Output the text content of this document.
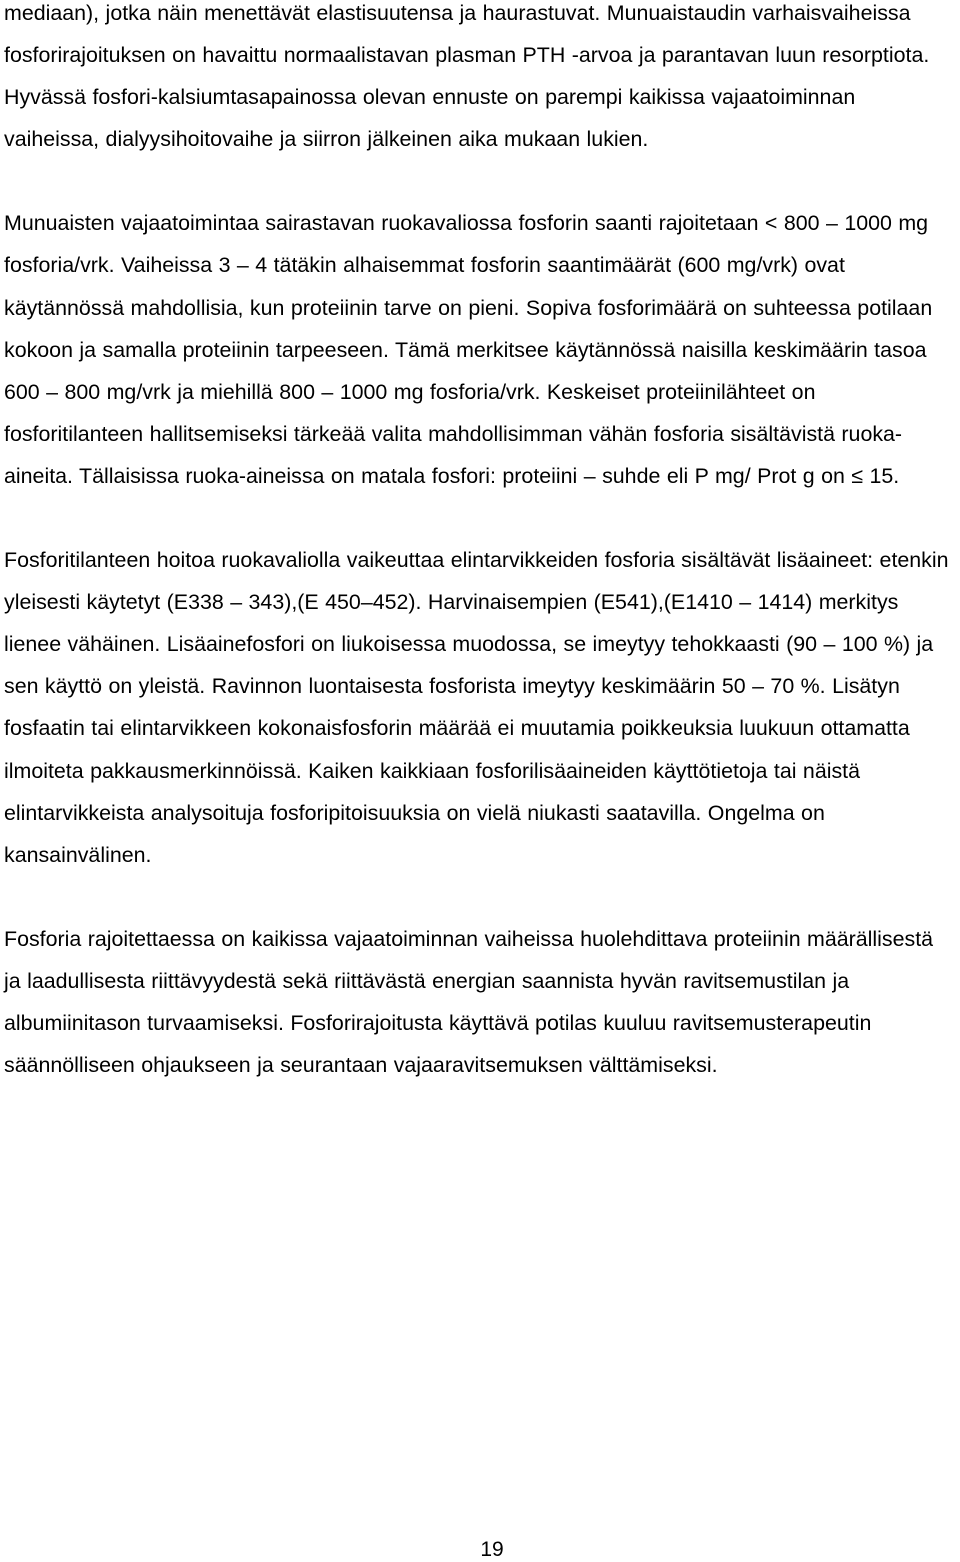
mediaan), jotka näin menettävät elastisuutensa ja haurastuvat. Munuaistaudin varhaisvaiheissa fosforirajoituksen on havaittu normaalistavan plasman PTH -arvoa ja parantavan luun resorptiota. Hyvässä fosfori-kalsiumtasapainossa olevan ennuste on parempi kaikissa vajaatoiminnan vaiheissa, dialyysihoitovaihe ja siirron jälkeinen aika mukaan lukien.

Munuaisten vajaatoimintaa sairastavan ruokavaliossa fosforin saanti rajoitetaan < 800 – 1000 mg fosforia/vrk. Vaiheissa 3 – 4 tätäkin alhaisemmat fosforin saantimäärät (600 mg/vrk) ovat käytännössä mahdollisia, kun proteiinin tarve on pieni. Sopiva fosforimäärä on suhteessa potilaan kokoon ja samalla proteiinin tarpeeseen. Tämä merkitsee käytännössä naisilla keskimäärin tasoa 600 – 800 mg/vrk ja miehillä 800 – 1000 mg fosforia/vrk. Keskeiset proteiinilähteet on fosforitilanteen hallitsemiseksi tärkeää valita mahdollisimman vähän fosforia sisältävistä ruoka-aineita. Tällaisissa ruoka-aineissa on matala fosfori: proteiini – suhde eli P mg/ Prot g on ≤ 15.

Fosforitilanteen hoitoa ruokavaliolla vaikeuttaa elintarvikkeiden fosforia sisältävät lisäaineet: etenkin yleisesti käytetyt (E338 – 343),(E 450–452). Harvinaisempien (E541),(E1410 – 1414) merkitys lienee vähäinen. Lisäainefosfori on liukoisessa muodossa, se imeytyy tehokkaasti (90 – 100 %) ja sen käyttö on yleistä. Ravinnon luontaisesta fosforista imeytyy keskimäärin 50 – 70 %. Lisätyn fosfaatin tai elintarvikkeen kokonaisfosforin määrää ei muutamia poikkeuksia luukuun ottamatta ilmoiteta pakkausmerkinnöissä. Kaiken kaikkiaan fosforilisäaineiden käyttötietoja tai näistä elintarvikkeista analysoituja fosforipitoisuuksia on vielä niukasti saatavilla. Ongelma on kansainvälinen.

Fosforia rajoitettaessa on kaikissa vajaatoiminnan vaiheissa huolehdittava proteiinin määrällisestä ja laadullisesta riittävyydestä sekä riittävästä energian saannista hyvän ravitsemustilan ja albumiinitason turvaamiseksi. Fosforirajoitusta käyttävä potilas kuuluu ravitsemusterapeutin säännölliseen ohjaukseen ja seurantaan vajaaravitsemuksen välttämiseksi.

19
